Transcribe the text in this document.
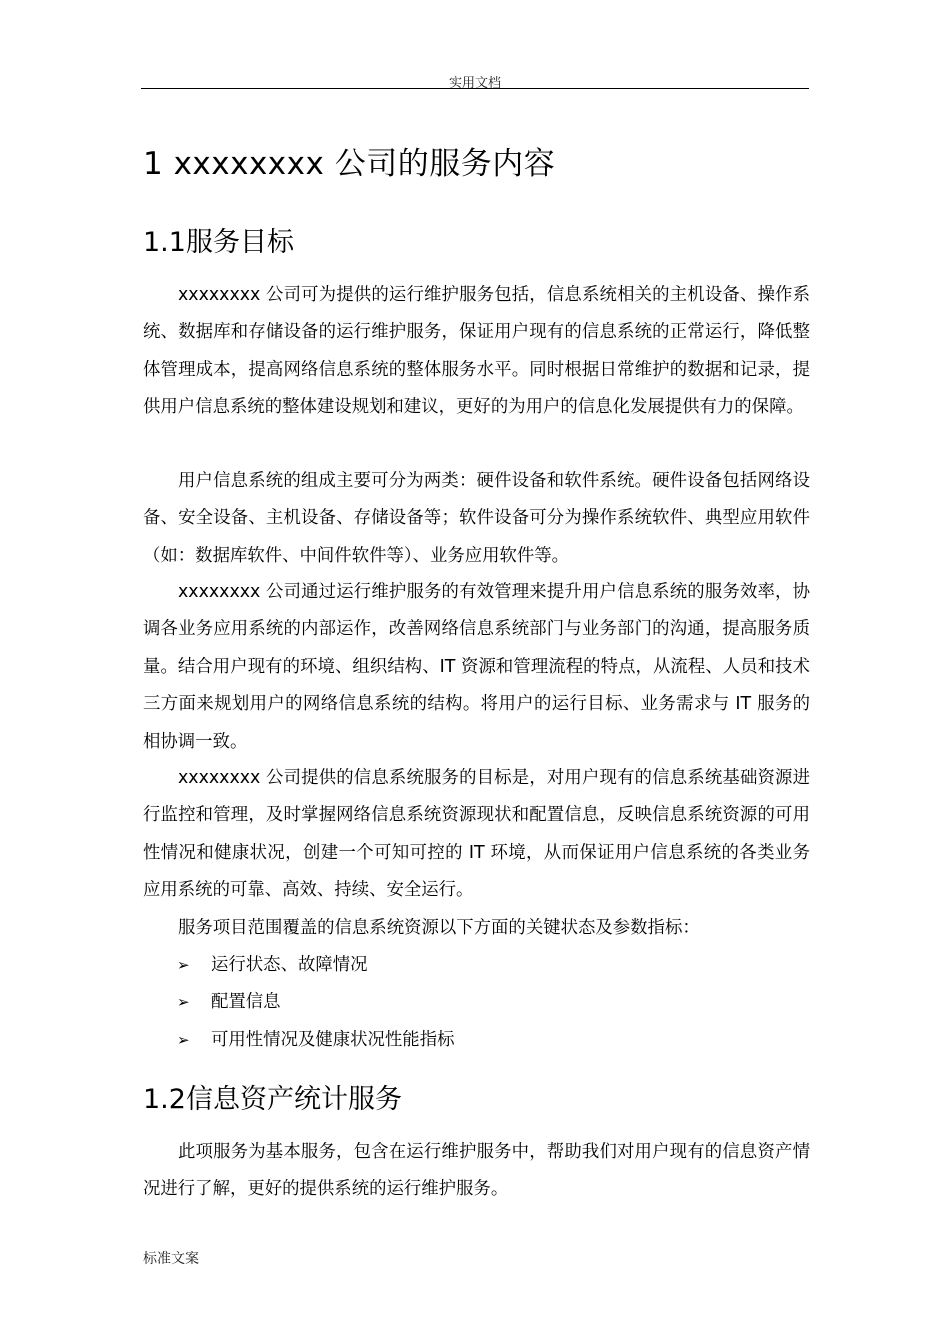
实用文档
1 xxxxxxxx 公司的服务内容
1.1服务目标

xxxxxxxx 公司可为提供的运行维护服务包括，信息系统相关的主机设备、操作系统、数据库和存储设备的运行维护服务，保证用户现有的信息系统的正常运行，降低整体管理成本，提高网络信息系统的整体服务水平。同时根据日常维护的数据和记录，提供用户信息系统的整体建设规划和建议，更好的为用户的信息化发展提供有力的保障。

用户信息系统的组成主要可分为两类：硬件设备和软件系统。硬件设备包括网络设备、安全设备、主机设备、存储设备等；软件设备可分为操作系统软件、典型应用软件（如：数据库软件、中间件软件等）、业务应用软件等。

xxxxxxxx 公司通过运行维护服务的有效管理来提升用户信息系统的服务效率，协调各业务应用系统的内部运作，改善网络信息系统部门与业务部门的沟通，提高服务质量。结合用户现有的环境、组织结构、IT 资源和管理流程的特点，从流程、人员和技术三方面来规划用户的网络信息系统的结构。将用户的运行目标、业务需求与 IT 服务的相协调一致。

xxxxxxxx 公司提供的信息系统服务的目标是，对用户现有的信息系统基础资源进行监控和管理，及时掌握网络信息系统资源现状和配置信息，反映信息系统资源的可用性情况和健康状况，创建一个可知可控的 IT 环境，从而保证用户信息系统的各类业务应用系统的可靠、高效、持续、安全运行。

服务项目范围覆盖的信息系统资源以下方面的关键状态及参数指标：

➢ 运行状态、故障情况
➢ 配置信息
➢ 可用性情况及健康状况性能指标
1.2信息资产统计服务

此项服务为基本服务，包含在运行维护服务中，帮助我们对用户现有的信息资产情况进行了解，更好的提供系统的运行维护服务。

标准文案
